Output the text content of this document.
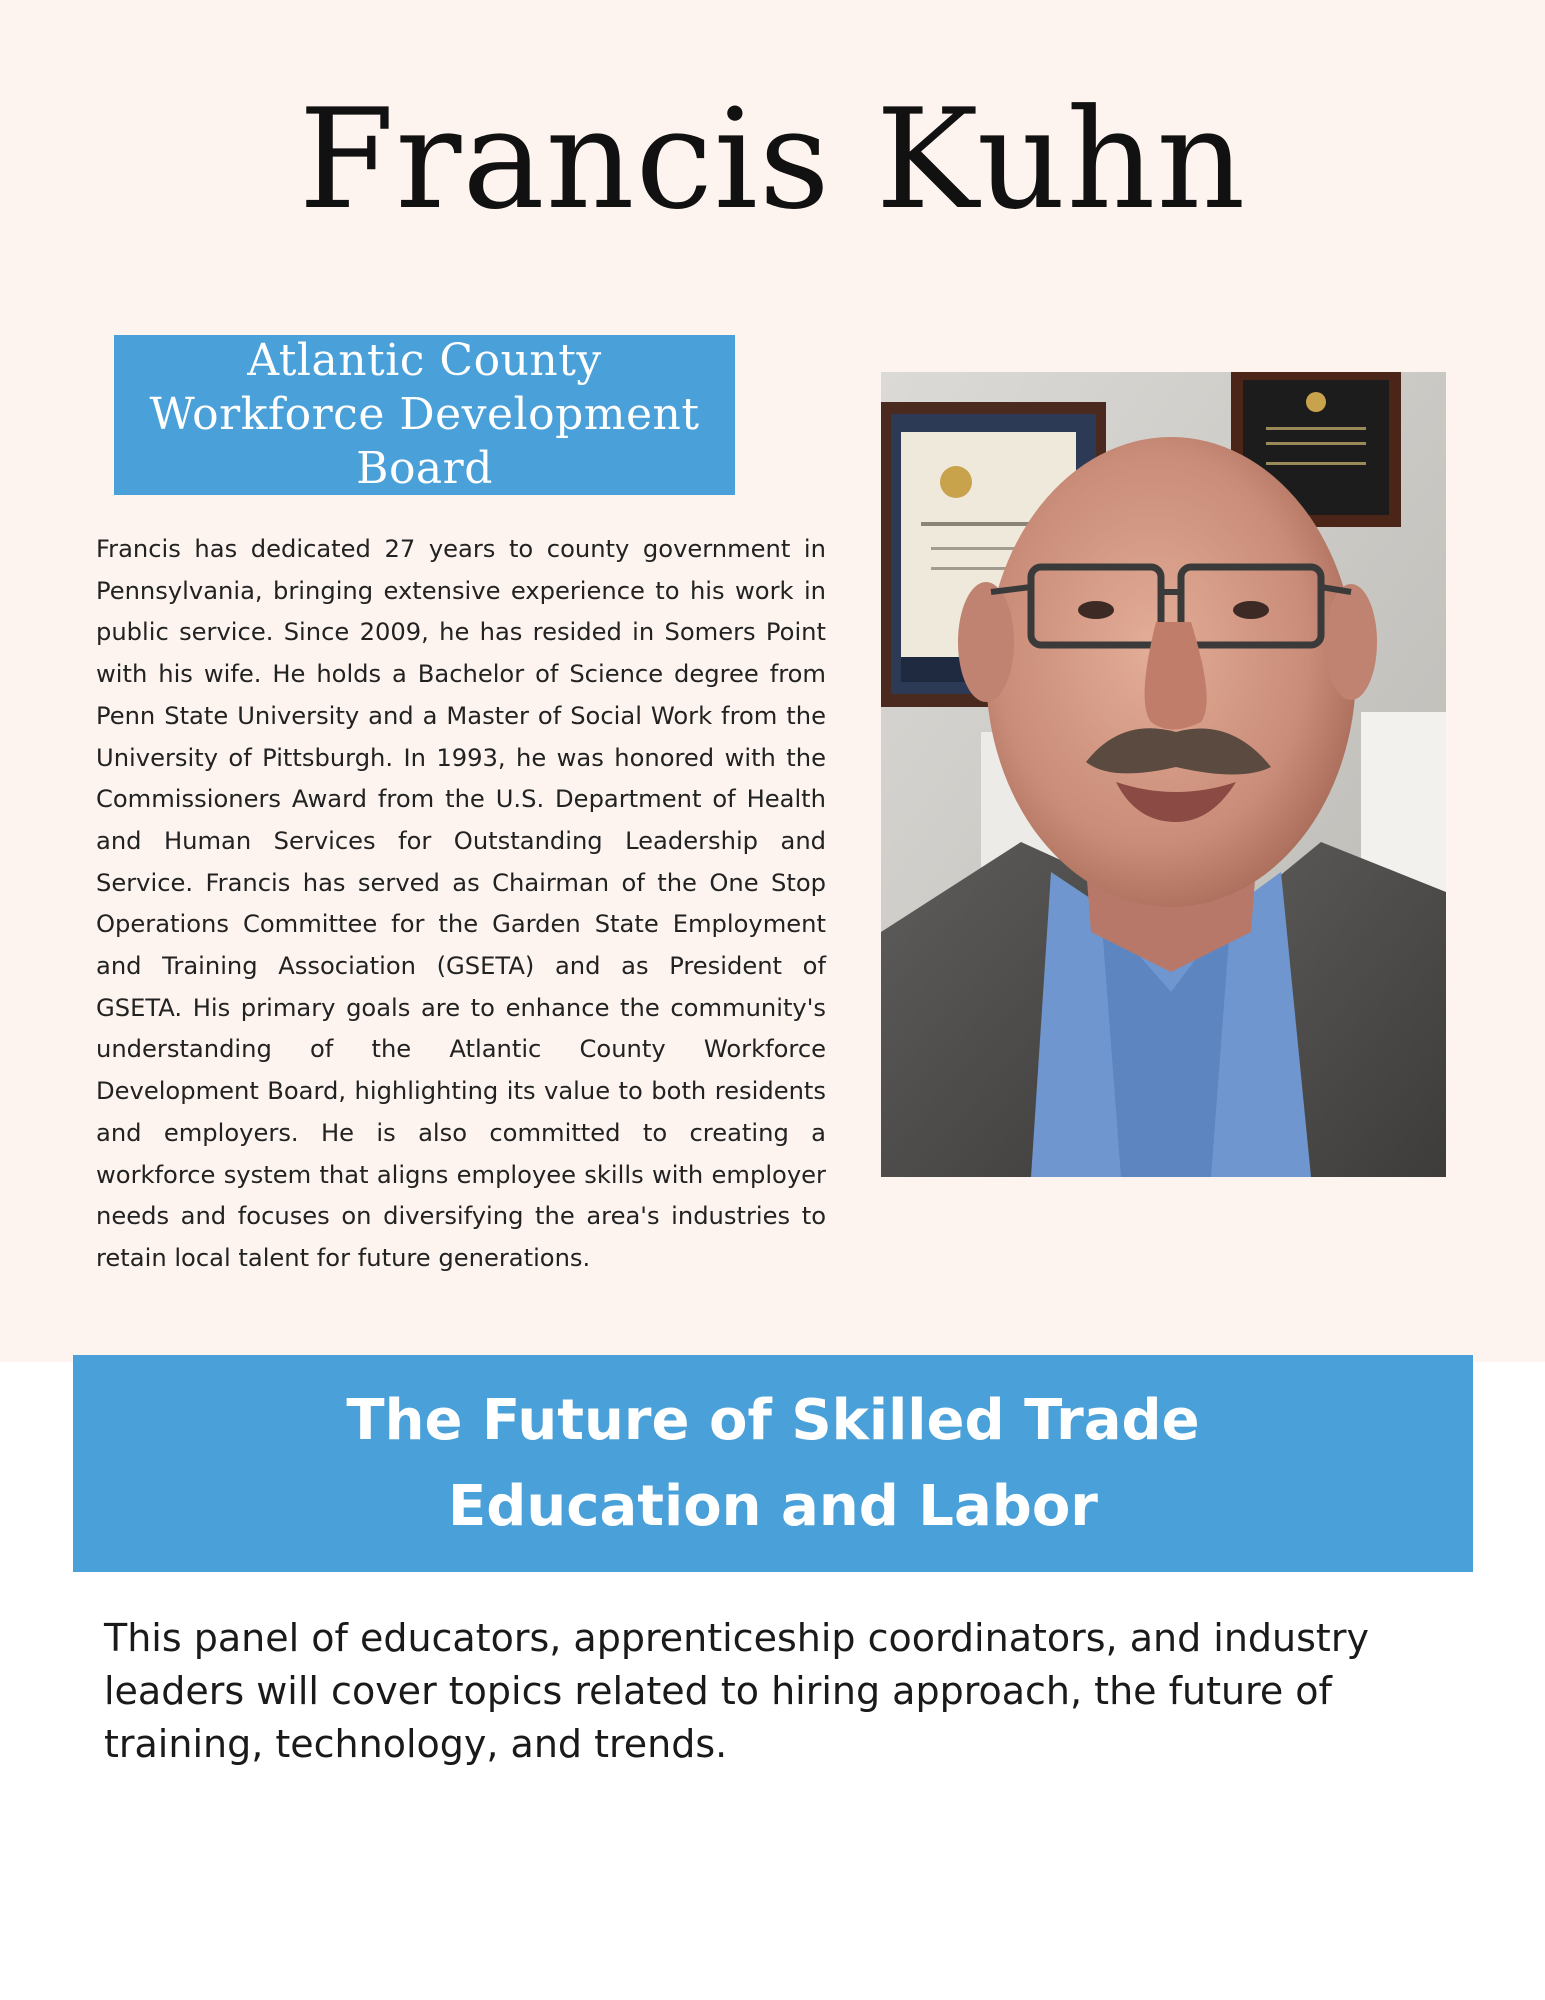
Francis Kuhn
Atlantic County Workforce Development Board

Francis has dedicated 27 years to county government in Pennsylvania, bringing extensive experience to his work in public service. Since 2009, he has resided in Somers Point with his wife. He holds a Bachelor of Science degree from Penn State University and a Master of Social Work from the University of Pittsburgh. In 1993, he was honored with the Commissioners Award from the U.S. Department of Health and Human Services for Outstanding Leadership and Service. Francis has served as Chairman of the One Stop Operations Committee for the Garden State Employment and Training Association (GSETA) and as President of GSETA. His primary goals are to enhance the community's understanding of the Atlantic County Workforce Development Board, highlighting its value to both residents and employers. He is also committed to creating a workforce system that aligns employee skills with employer needs and focuses on diversifying the area's industries to retain local talent for future generations.

The Future of Skilled Trade
Education and Labor

This panel of educators, apprenticeship coordinators, and industry leaders will cover topics related to hiring approach, the future of training, technology, and trends.
